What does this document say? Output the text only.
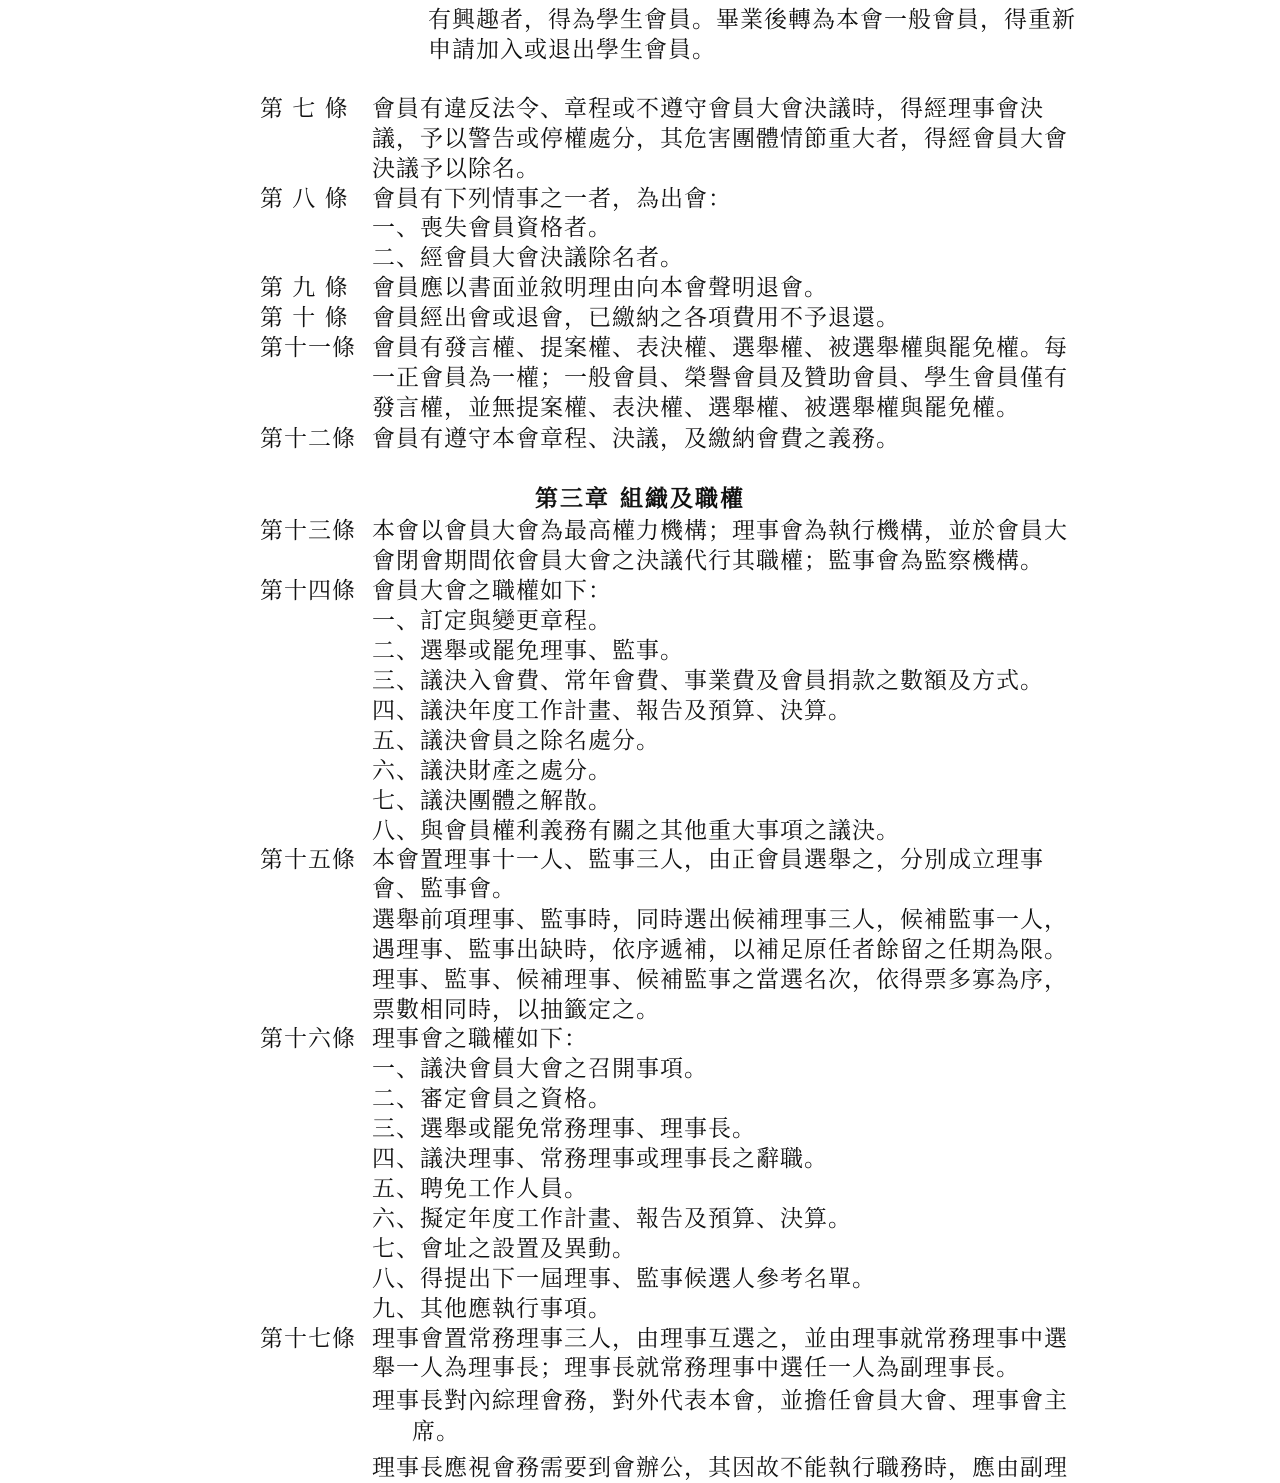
有興趣者，得為學生會員。畢業後轉為本會一般會員，得重新
申請加入或退出學生會員。
第 七 條 會員有違反法令、章程或不遵守會員大會決議時，得經理事會決
議，予以警告或停權處分，其危害團體情節重大者，得經會員大會
決議予以除名。
第 八 條 會員有下列情事之一者，為出會：
一、喪失會員資格者。
二、經會員大會決議除名者。
第 九 條 會員應以書面並敘明理由向本會聲明退會。
第 十 條 會員經出會或退會，已繳納之各項費用不予退還。
第十一條 會員有發言權、提案權、表決權、選舉權、被選舉權與罷免權。每
一正會員為一權；一般會員、榮譽會員及贊助會員、學生會員僅有
發言權，並無提案權、表決權、選舉權、被選舉權與罷免權。
第十二條 會員有遵守本會章程、決議，及繳納會費之義務。
第三章 組織及職權
第十三條 本會以會員大會為最高權力機構；理事會為執行機構，並於會員大
會閉會期間依會員大會之決議代行其職權；監事會為監察機構。
第十四條 會員大會之職權如下：
一、訂定與變更章程。
二、選舉或罷免理事、監事。
三、議決入會費、常年會費、事業費及會員捐款之數額及方式。
四、議決年度工作計畫、報告及預算、決算。
五、議決會員之除名處分。
六、議決財產之處分。
七、議決團體之解散。
八、與會員權利義務有關之其他重大事項之議決。
第十五條 本會置理事十一人、監事三人，由正會員選舉之，分別成立理事
會、監事會。
選舉前項理事、監事時，同時選出候補理事三人，候補監事一人，
遇理事、監事出缺時，依序遞補，以補足原任者餘留之任期為限。
理事、監事、候補理事、候補監事之當選名次，依得票多寡為序，
票數相同時，以抽籤定之。
第十六條 理事會之職權如下：
一、議決會員大會之召開事項。
二、審定會員之資格。
三、選舉或罷免常務理事、理事長。
四、議決理事、常務理事或理事長之辭職。
五、聘免工作人員。
六、擬定年度工作計畫、報告及預算、決算。
七、會址之設置及異動。
八、得提出下一屆理事、監事候選人參考名單。
九、其他應執行事項。
第十七條 理事會置常務理事三人，由理事互選之，並由理事就常務理事中選
舉一人為理事長；理事長就常務理事中選任一人為副理事長。
理事長對內綜理會務，對外代表本會，並擔任會員大會、理事會主
席。
理事長應視會務需要到會辦公，其因故不能執行職務時，應由副理
